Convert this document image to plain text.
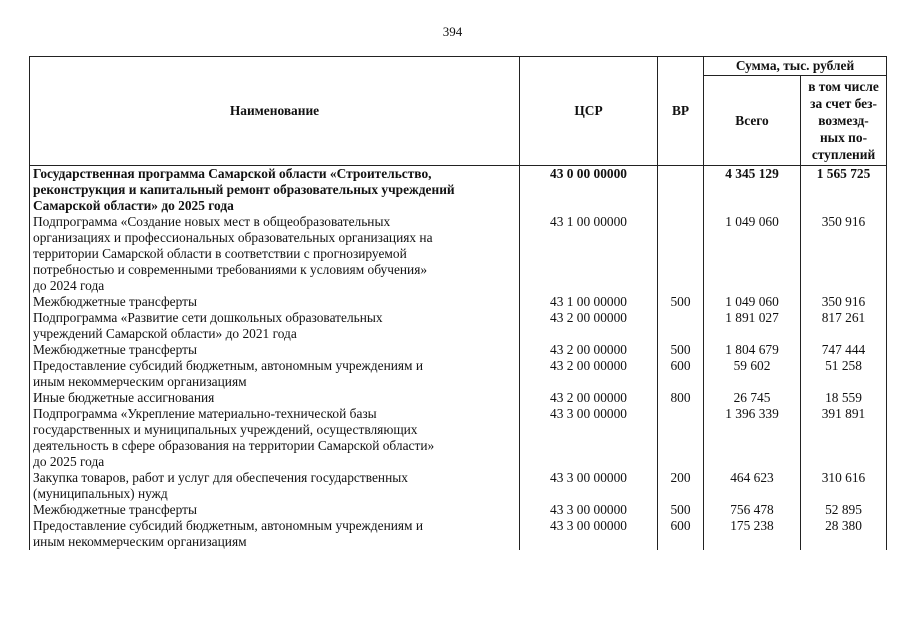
394
Наименование	ЦСР	ВР	Сумма, тыс. рублей	
			Всего	в том числе
за счет без-
возмезд-
ных по-
ступлений

Государственная программа Самарской области «Строительство,
реконструкция и капитальный ремонт образовательных учреждений
Самарской области» до 2025 года	43 0 00 00000		4 345 129	1 565 725

Подпрограмма «Создание новых мест в общеобразовательных
организациях и профессиональных образовательных организациях на
территории Самарской области в соответствии с прогнозируемой
потребностью и современными требованиями к условиям обучения»
до 2024 года	43 1 00 00000		1 049 060	350 916

Межбюджетные трансферты	43 1 00 00000	500	1 049 060	350 916

Подпрограмма «Развитие сети дошкольных образовательных
учреждений Самарской области» до 2021 года	43 2 00 00000		1 891 027	817 261

Межбюджетные трансферты	43 2 00 00000	500	1 804 679	747 444

Предоставление субсидий бюджетным, автономным учреждениям и
иным некоммерческим организациям	43 2 00 00000	600	59 602	51 258

Иные бюджетные ассигнования	43 2 00 00000	800	26 745	18 559

Подпрограмма «Укрепление материально-технической базы
государственных и муниципальных учреждений, осуществляющих
деятельность в сфере образования на территории Самарской области»
до 2025 года	43 3 00 00000		1 396 339	391 891

Закупка товаров, работ и услуг для обеспечения государственных
(муниципальных) нужд	43 3 00 00000	200	464 623	310 616

Межбюджетные трансферты	43 3 00 00000	500	756 478	52 895

Предоставление субсидий бюджетным, автономным учреждениям и
иным некоммерческим организациям	43 3 00 00000	600	175 238	28 380
